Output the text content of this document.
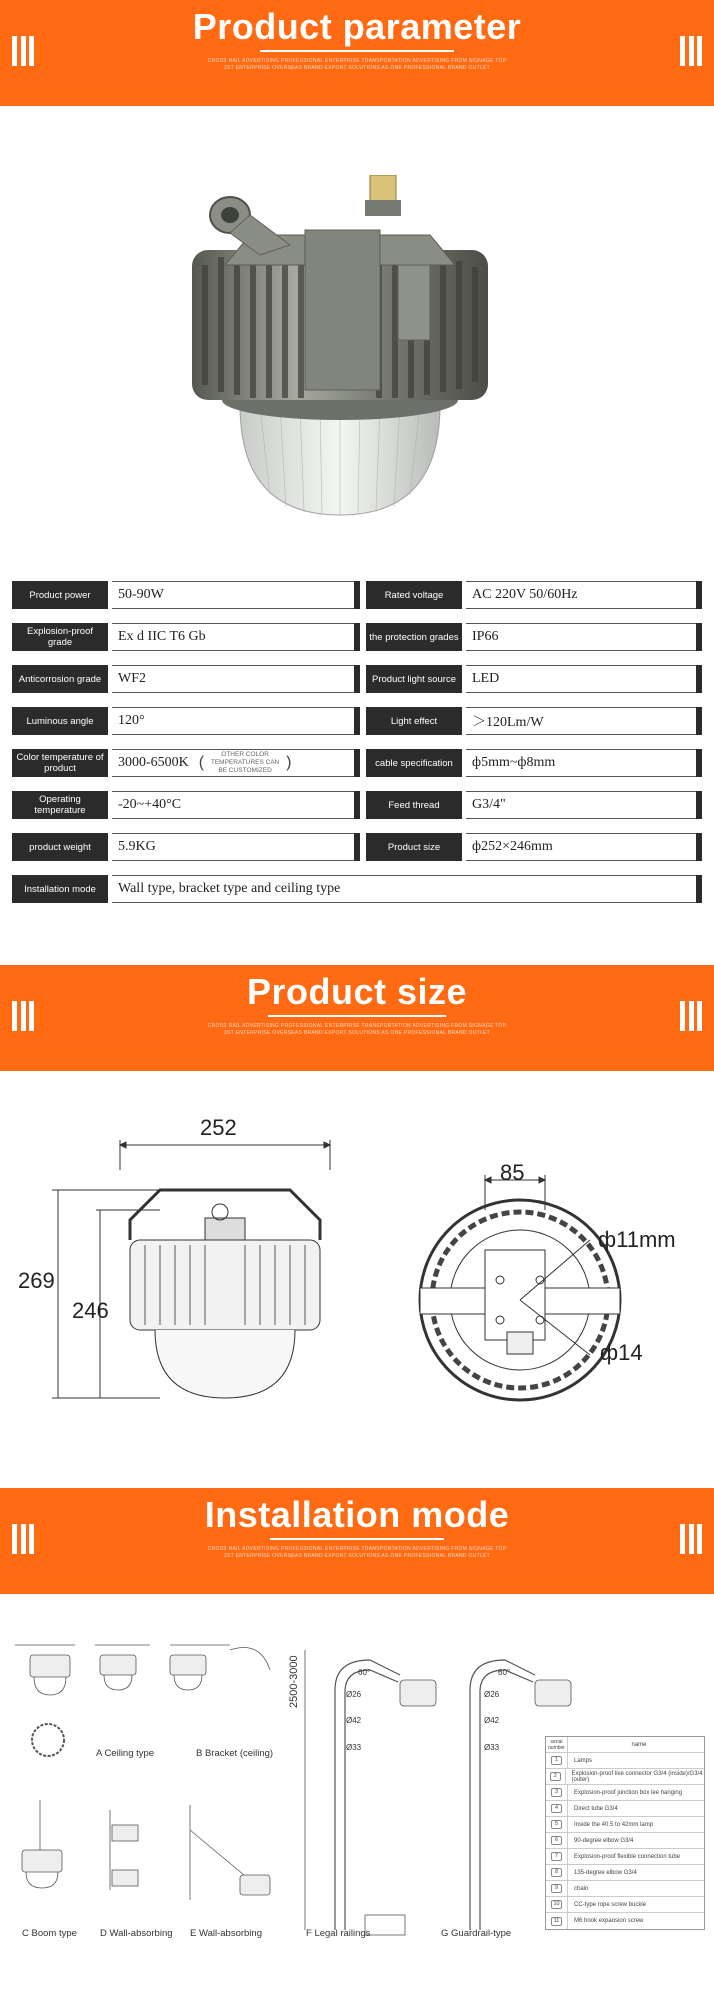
Product parameter
CROSS RAIL ADVERTISING PROFESSIONAL ENTERPRISE TRANSPORTATION ADVERTISING FROM SIGNAGE TOP 3ST ENTERPRISE OVERSEAS BRAND EXPORT SOLUTIONS AS ONE PROFESSIONAL BRAND OUTLET
Product power	50-90W	Rated voltage	AC 220V 50/60Hz
Explosion-proof grade	Ex d IIC T6 Gb	the protection grades IP66
Anticorrosion grade	WF2	Product light source	LED
Luminous angle	120°	Light effect	＞120Lm/W
Color temperature of product	3000-6500K (	OTHER COLOR TEMPERATURES CAN BE CUSTOMIZED )	cable specification	ф5mm~ф8mm
Operating temperature	-20~+40°C	Feed thread	G3/4"
product weight	5.9KG	Product size	ф252×246mm
Installation mode	Wall type, bracket type and ceiling type
Product size
CROSS RAIL ADVERTISING PROFESSIONAL ENTERPRISE TRANSPORTATION ADVERTISING FROM SIGNAGE TOP 3ST ENTERPRISE OVERSEAS BRAND EXPORT SOLUTIONS AS ONE PROFESSIONAL BRAND OUTLET
252
269
246
85
ф11mm
ф14
Installation mode
CROSS RAIL ADVERTISING PROFESSIONAL ENTERPRISE TRANSPORTATION ADVERTISING FROM SIGNAGE TOP 3ST ENTERPRISE OVERSEAS BRAND EXPORT SOLUTIONS AS ONE PROFESSIONAL BRAND OUTLET
2500-3000	60°
Ø26
Ø42
Ø33
60°
Ø26
Ø42
Ø33
A Ceiling type	B Bracket (ceiling)
C Boom type D Wall-absorbing E Wall-absorbing	F Legal railings	G Guardrail-type
serial number	name
1	Lamps
2	Explosion-proof live connector G3/4 (inside)/G3/4 (outer)
3	Explosion-proof junction box lee hanging
4	Direct tube G3/4
5	Inside the 40.5 to 42mm lamp
6	90-degree elbow G3/4
7	Explosion-proof flexible connection tube
8	135-degree elbow G3/4
9	chain
10	CC-type rope screw buckle
11	M6 hook expansion screw
